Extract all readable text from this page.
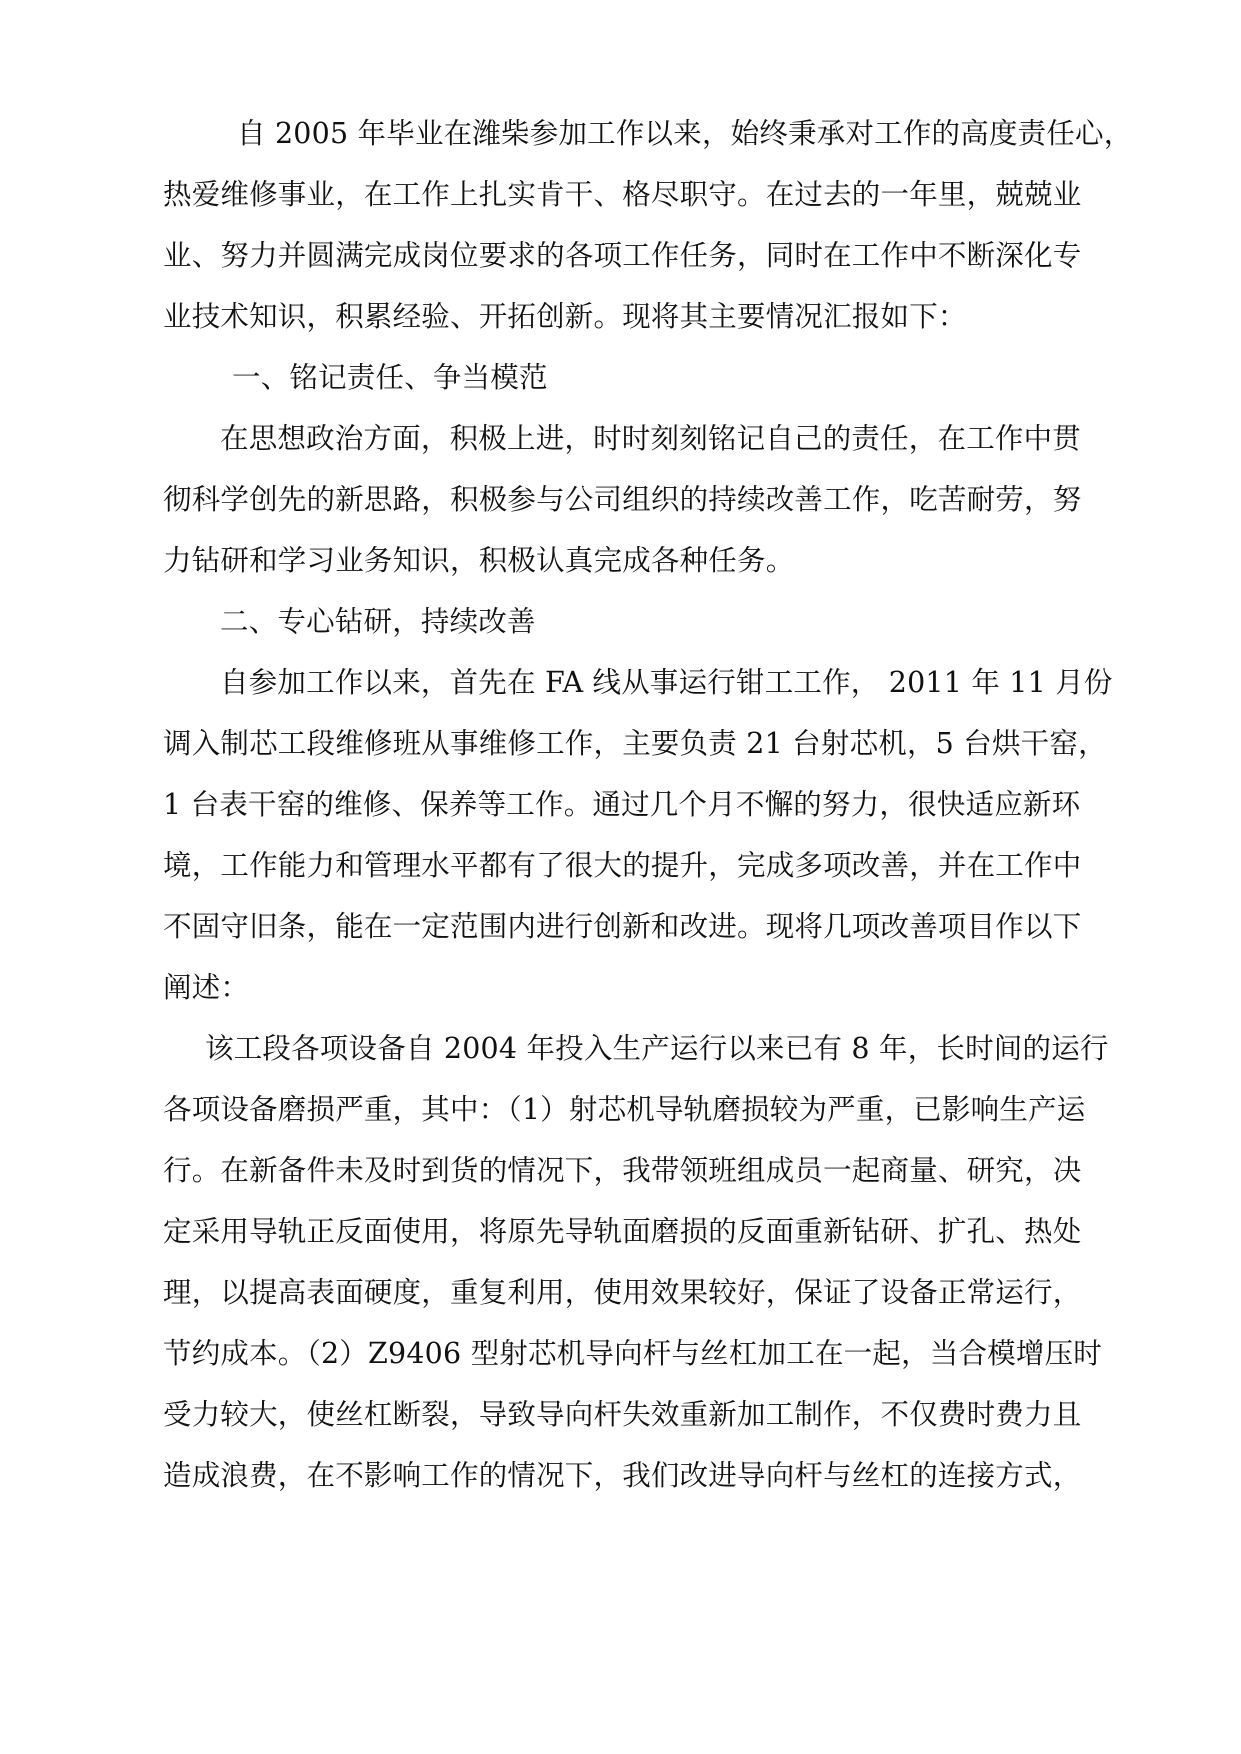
自 2005 年毕业在潍柴参加工作以来，始终秉承对工作的高度责任心，
热爱维修事业，在工作上扎实肯干、格尽职守。在过去的一年里，兢兢业
业、努力并圆满完成岗位要求的各项工作任务，同时在工作中不断深化专
业技术知识，积累经验、开拓创新。现将其主要情况汇报如下：
一、铭记责任、争当模范
在思想政治方面，积极上进，时时刻刻铭记自己的责任，在工作中贯
彻科学创先的新思路，积极参与公司组织的持续改善工作，吃苦耐劳，努
力钻研和学习业务知识，积极认真完成各种任务。
二、专心钻研，持续改善
自参加工作以来，首先在 FA 线从事运行钳工工作， 2011 年 11 月份
调入制芯工段维修班从事维修工作，主要负责 21 台射芯机，5 台烘干窑，
1 台表干窑的维修、保养等工作。通过几个月不懈的努力，很快适应新环
境，工作能力和管理水平都有了很大的提升，完成多项改善，并在工作中
不固守旧条，能在一定范围内进行创新和改进。现将几项改善项目作以下
阐述：
该工段各项设备自 2004 年投入生产运行以来已有 8 年，长时间的运行
各项设备磨损严重，其中：（1）射芯机导轨磨损较为严重，已影响生产运
行。在新备件未及时到货的情况下，我带领班组成员一起商量、研究，决
定采用导轨正反面使用，将原先导轨面磨损的反面重新钻研、扩孔、热处
理，以提高表面硬度，重复利用，使用效果较好，保证了设备正常运行，
节约成本。（2）Z9406 型射芯机导向杆与丝杠加工在一起，当合模增压时
受力较大，使丝杠断裂，导致导向杆失效重新加工制作，不仅费时费力且
造成浪费，在不影响工作的情况下，我们改进导向杆与丝杠的连接方式，
